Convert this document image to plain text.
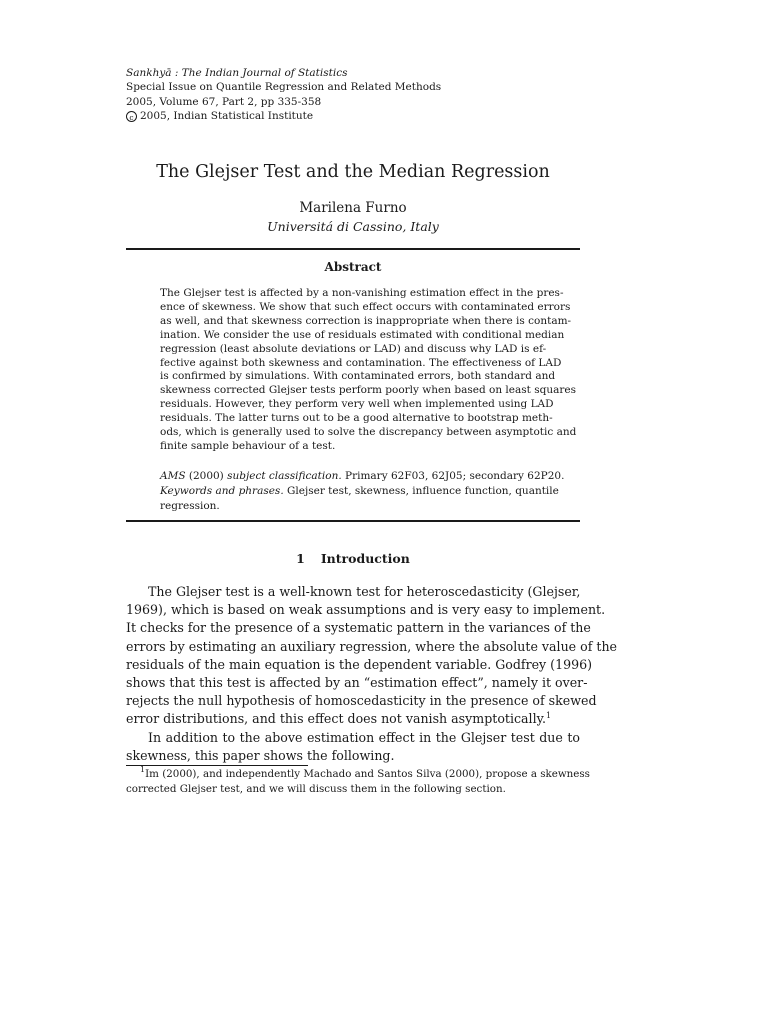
Sankhyā : The Indian Journal of Statistics
Special Issue on Quantile Regression and Related Methods
2005, Volume 67, Part 2, pp 335-358
c 2005, Indian Statistical Institute
The Glejser Test and the Median Regression
Marilena Furno
Universitá di Cassino, Italy
Abstract
The Glejser test is affected by a non-vanishing estimation effect in the pres-
ence of skewness. We show that such effect occurs with contaminated errors
as well, and that skewness correction is inappropriate when there is contam-
ination. We consider the use of residuals estimated with conditional median
regression (least absolute deviations or LAD) and discuss why LAD is ef-
fective against both skewness and contamination. The effectiveness of LAD
is confirmed by simulations. With contaminated errors, both standard and
skewness corrected Glejser tests perform poorly when based on least squares
residuals. However, they perform very well when implemented using LAD
residuals. The latter turns out to be a good alternative to bootstrap meth-
ods, which is generally used to solve the discrepancy between asymptotic and
finite sample behaviour of a test.
AMS (2000) subject classification. Primary 62F03, 62J05; secondary 62P20.
Keywords and phrases. Glejser test, skewness, influence function, quantile
regression.
1 Introduction
The Glejser test is a well-known test for heteroscedasticity (Glejser,
1969), which is based on weak assumptions and is very easy to implement.
It checks for the presence of a systematic pattern in the variances of the
errors by estimating an auxiliary regression, where the absolute value of the
residuals of the main equation is the dependent variable. Godfrey (1996)
shows that this test is affected by an “estimation effect”, namely it over-
rejects the null hypothesis of homoscedasticity in the presence of skewed
error distributions, and this effect does not vanish asymptotically.$^1$
In addition to the above estimation effect in the Glejser test due to
skewness, this paper shows the following.
$^1$Im (2000), and independently Machado and Santos Silva (2000), propose a skewness
corrected Glejser test, and we will discuss them in the following section.
